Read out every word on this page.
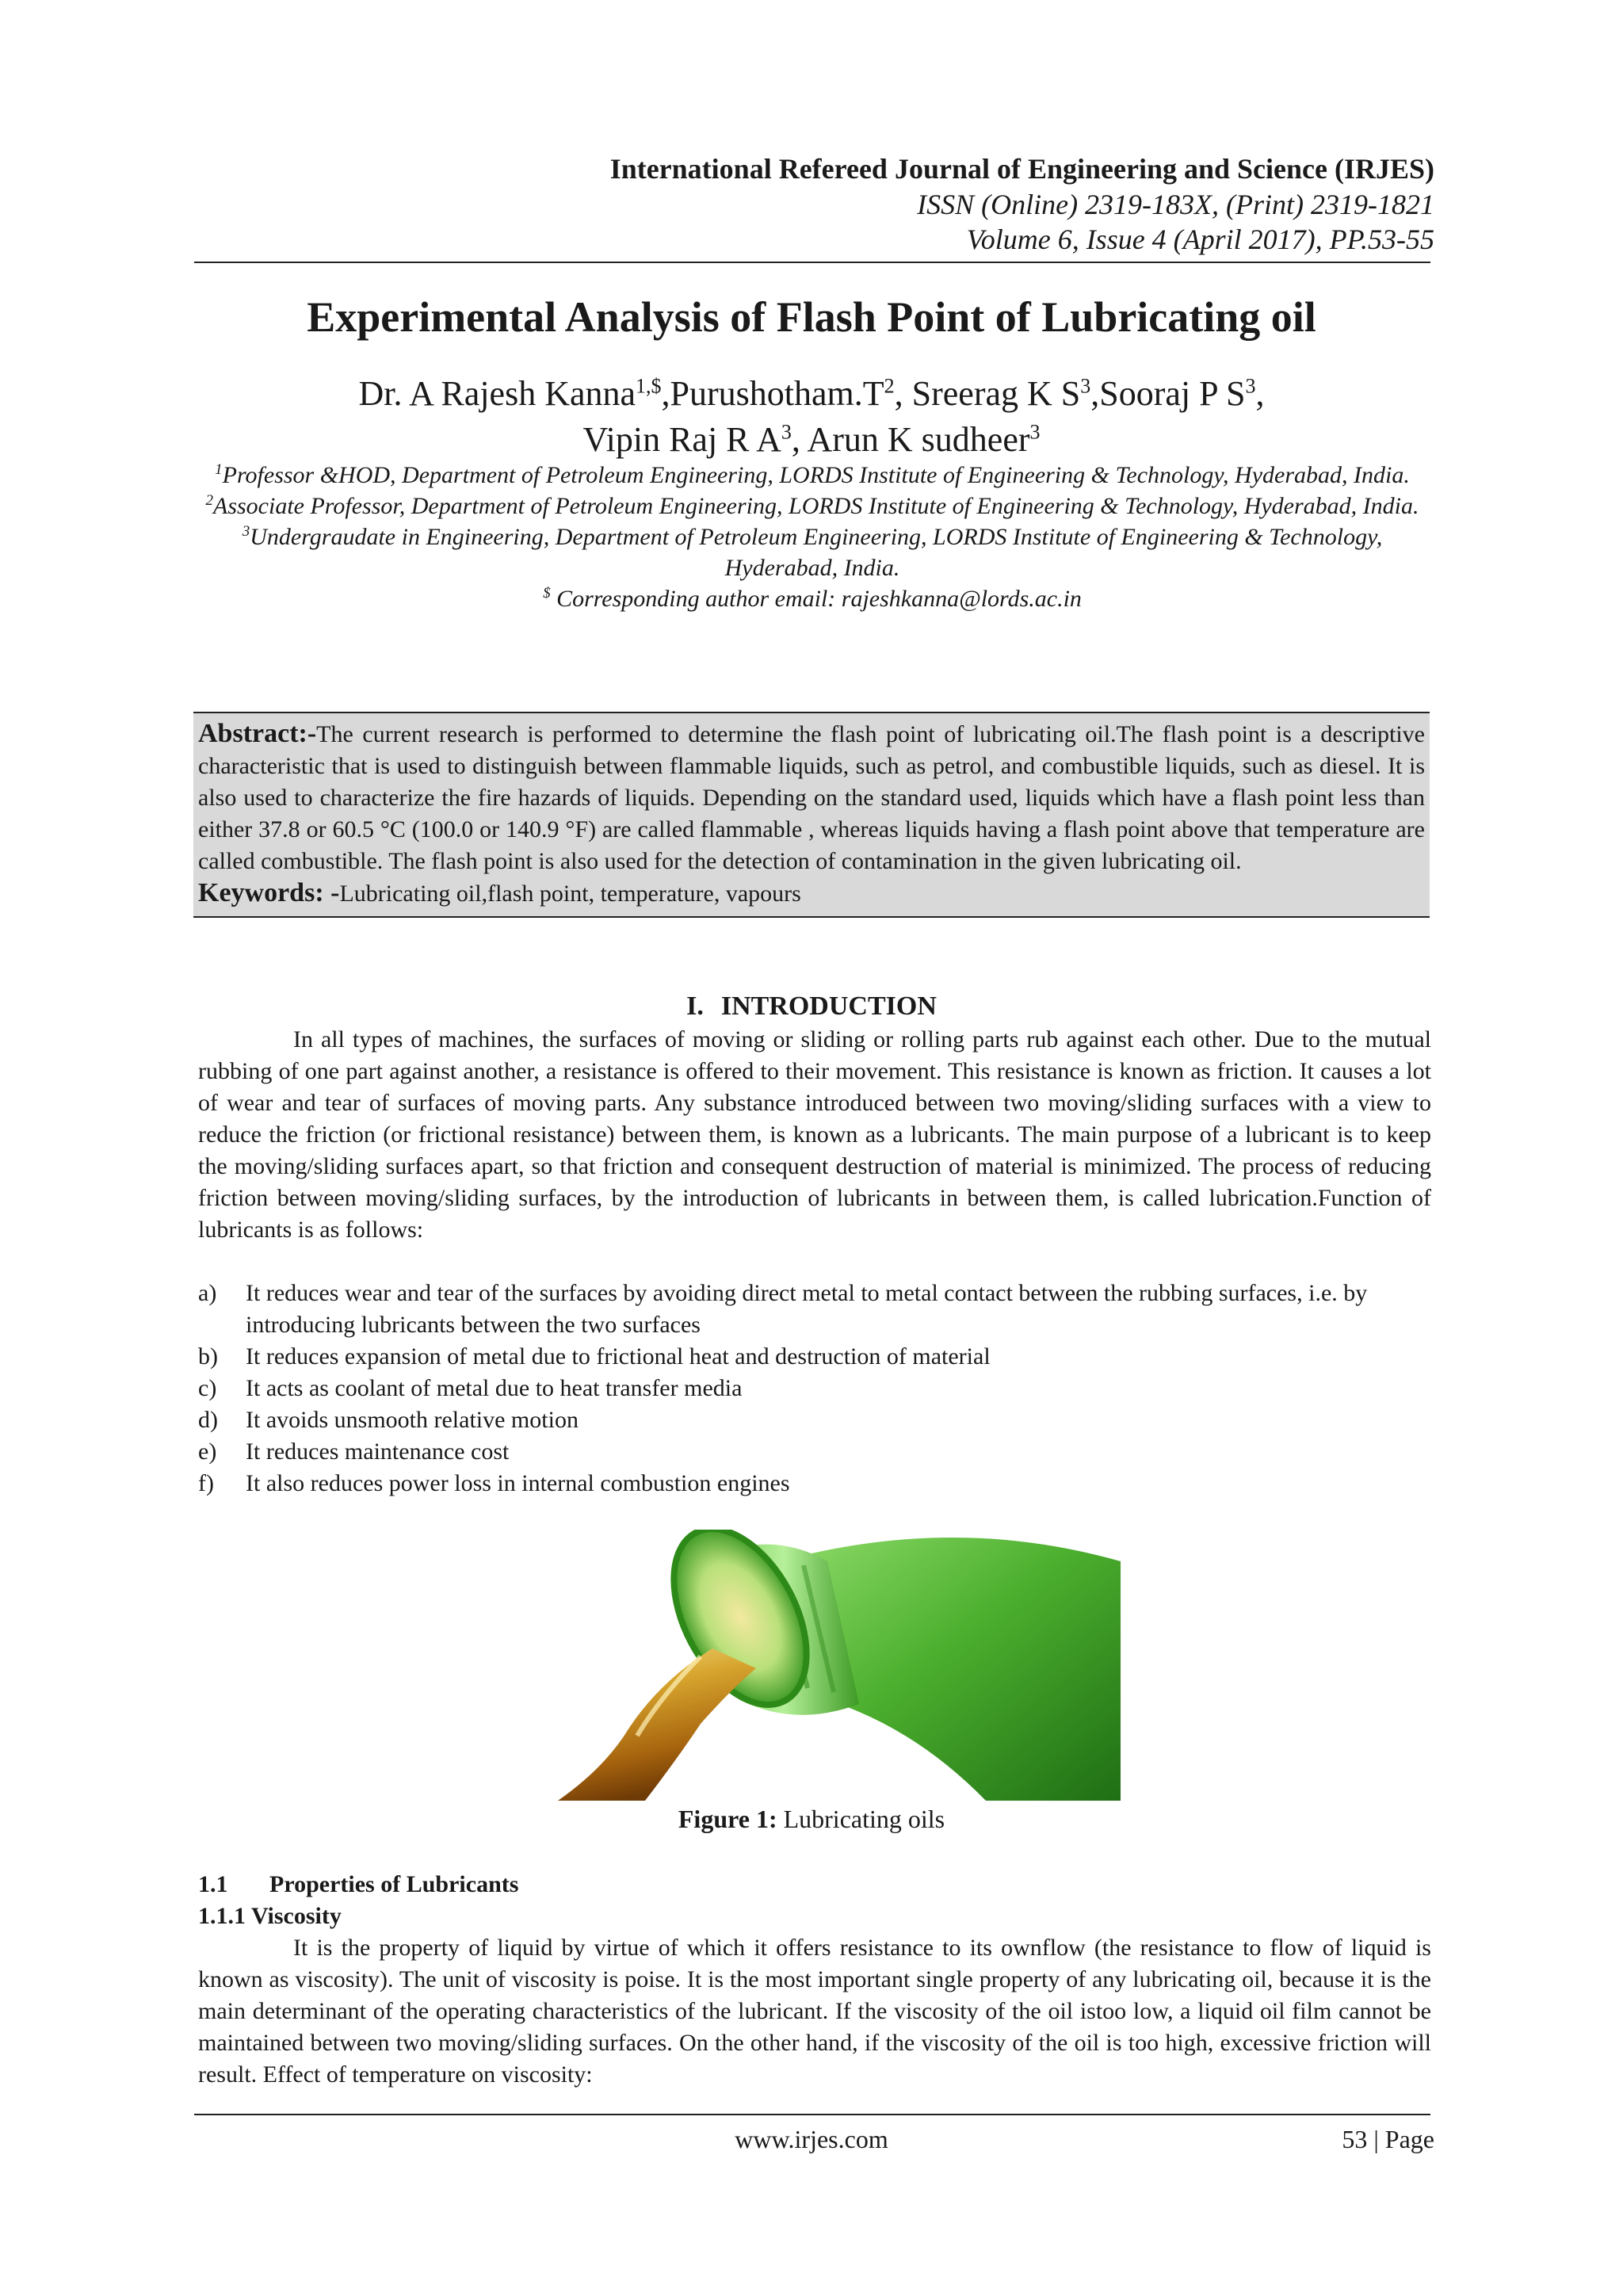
International Refereed Journal of Engineering and Science (IRJES)
ISSN (Online) 2319-183X, (Print) 2319-1821
Volume 6, Issue 4 (April 2017), PP.53-55
Experimental Analysis of Flash Point of Lubricating oil
Dr. A Rajesh $Kanna^{1,\$},Purushotham.T^2$, Sreerag K $S^3,Sooraj$ P $S^3$,
Vipin Raj R $A^3$, Arun K sudheer$^3$
$^1$Professor &HOD, Department of Petroleum Engineering, LORDS Institute of Engineering & Technology, Hyderabad, India.
$^2$Associate Professor, Department of Petroleum Engineering, LORDS Institute of Engineering & Technology, Hyderabad, India.
$^3$Undergraudate in Engineering, Department of Petroleum Engineering, LORDS Institute of Engineering & Technology, Hyderabad, India.
$ Corresponding author email: rajeshkanna@lords.ac.in
Abstract:-The current research is performed to determine the flash point of lubricating oil.The flash point is a descriptive characteristic that is used to distinguish between flammable liquids, such as petrol, and combustible liquids, such as diesel. It is also used to characterize the fire hazards of liquids. Depending on the standard used, liquids which have a flash point less than either 37.8 or 60.5 °C (100.0 or 140.9 °F) are called flammable , whereas liquids having a flash point above that temperature are called combustible. The flash point is also used for the detection of contamination in the given lubricating oil.
Keywords: -Lubricating oil,flash point, temperature, vapours
I. INTRODUCTION

In all types of machines, the surfaces of moving or sliding or rolling parts rub against each other. Due to the mutual rubbing of one part against another, a resistance is offered to their movement. This resistance is known as friction. It causes a lot of wear and tear of surfaces of moving parts. Any substance introduced between two moving/sliding surfaces with a view to reduce the friction (or frictional resistance) between them, is known as a lubricants. The main purpose of a lubricant is to keep the moving/sliding surfaces apart, so that friction and consequent destruction of material is minimized. The process of reducing friction between moving/sliding surfaces, by the introduction of lubricants in between them, is called lubrication.Function of lubricants is as follows:

a)	It reduces wear and tear of the surfaces by avoiding direct metal to metal contact between the rubbing surfaces, i.e. by introducing lubricants between the two surfaces
b)	It reduces expansion of metal due to frictional heat and destruction of material
c)	It acts as coolant of metal due to heat transfer media
d)	It avoids unsmooth relative motion
e)	It reduces maintenance cost
f)	It also reduces power loss in internal combustion engines
Figure 1: Lubricating oils
1.1 Properties of Lubricants
1.1.1 Viscosity

It is the property of liquid by virtue of which it offers resistance to its ownflow (the resistance to flow of liquid is known as viscosity). The unit of viscosity is poise. It is the most important single property of any lubricating oil, because it is the main determinant of the operating characteristics of the lubricant. If the viscosity of the oil istoo low, a liquid oil film cannot be maintained between two moving/sliding surfaces. On the other hand, if the viscosity of the oil is too high, excessive friction will result. Effect of temperature on viscosity:

www.irjes.com	53 | Page
